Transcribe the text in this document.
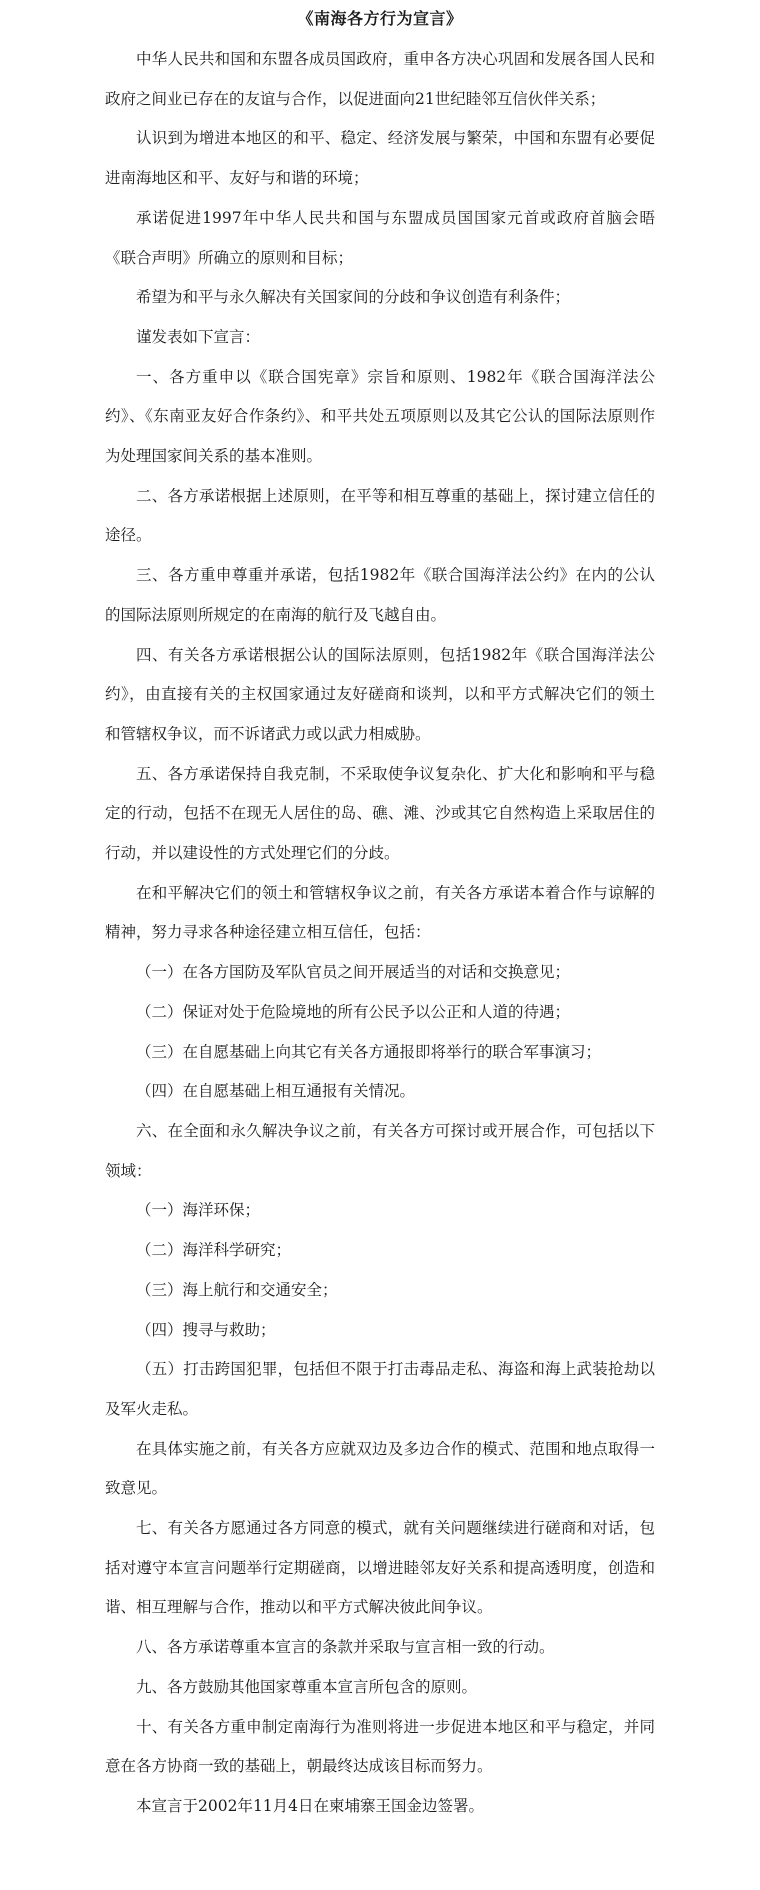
《南海各方行为宣言》

中华人民共和国和东盟各成员国政府，重申各方决心巩固和发展各国人民和政府之间业已存在的友谊与合作，以促进面向21世纪睦邻互信伙伴关系；

认识到为增进本地区的和平、稳定、经济发展与繁荣，中国和东盟有必要促进南海地区和平、友好与和谐的环境；

承诺促进1997年中华人民共和国与东盟成员国国家元首或政府首脑会晤《联合声明》所确立的原则和目标；

希望为和平与永久解决有关国家间的分歧和争议创造有利条件；

谨发表如下宣言：

一、各方重申以《联合国宪章》宗旨和原则、1982年《联合国海洋法公约》、《东南亚友好合作条约》、和平共处五项原则以及其它公认的国际法原则作为处理国家间关系的基本准则。

二、各方承诺根据上述原则，在平等和相互尊重的基础上，探讨建立信任的途径。

三、各方重申尊重并承诺，包括1982年《联合国海洋法公约》在内的公认的国际法原则所规定的在南海的航行及飞越自由。

四、有关各方承诺根据公认的国际法原则，包括1982年《联合国海洋法公约》，由直接有关的主权国家通过友好磋商和谈判，以和平方式解决它们的领土和管辖权争议，而不诉诸武力或以武力相威胁。

五、各方承诺保持自我克制，不采取使争议复杂化、扩大化和影响和平与稳定的行动，包括不在现无人居住的岛、礁、滩、沙或其它自然构造上采取居住的行动，并以建设性的方式处理它们的分歧。

在和平解决它们的领土和管辖权争议之前，有关各方承诺本着合作与谅解的精神，努力寻求各种途径建立相互信任，包括：

（一）在各方国防及军队官员之间开展适当的对话和交换意见；

（二）保证对处于危险境地的所有公民予以公正和人道的待遇；

（三）在自愿基础上向其它有关各方通报即将举行的联合军事演习；

（四）在自愿基础上相互通报有关情况。

六、在全面和永久解决争议之前，有关各方可探讨或开展合作，可包括以下领域：

（一）海洋环保；

（二）海洋科学研究；

（三）海上航行和交通安全；

（四）搜寻与救助；

（五）打击跨国犯罪，包括但不限于打击毒品走私、海盗和海上武装抢劫以及军火走私。

在具体实施之前，有关各方应就双边及多边合作的模式、范围和地点取得一致意见。

七、有关各方愿通过各方同意的模式，就有关问题继续进行磋商和对话，包括对遵守本宣言问题举行定期磋商，以增进睦邻友好关系和提高透明度，创造和谐、相互理解与合作，推动以和平方式解决彼此间争议。

八、各方承诺尊重本宣言的条款并采取与宣言相一致的行动。

九、各方鼓励其他国家尊重本宣言所包含的原则。

十、有关各方重申制定南海行为准则将进一步促进本地区和平与稳定，并同意在各方协商一致的基础上，朝最终达成该目标而努力。

本宣言于2002年11月4日在柬埔寨王国金边签署。
